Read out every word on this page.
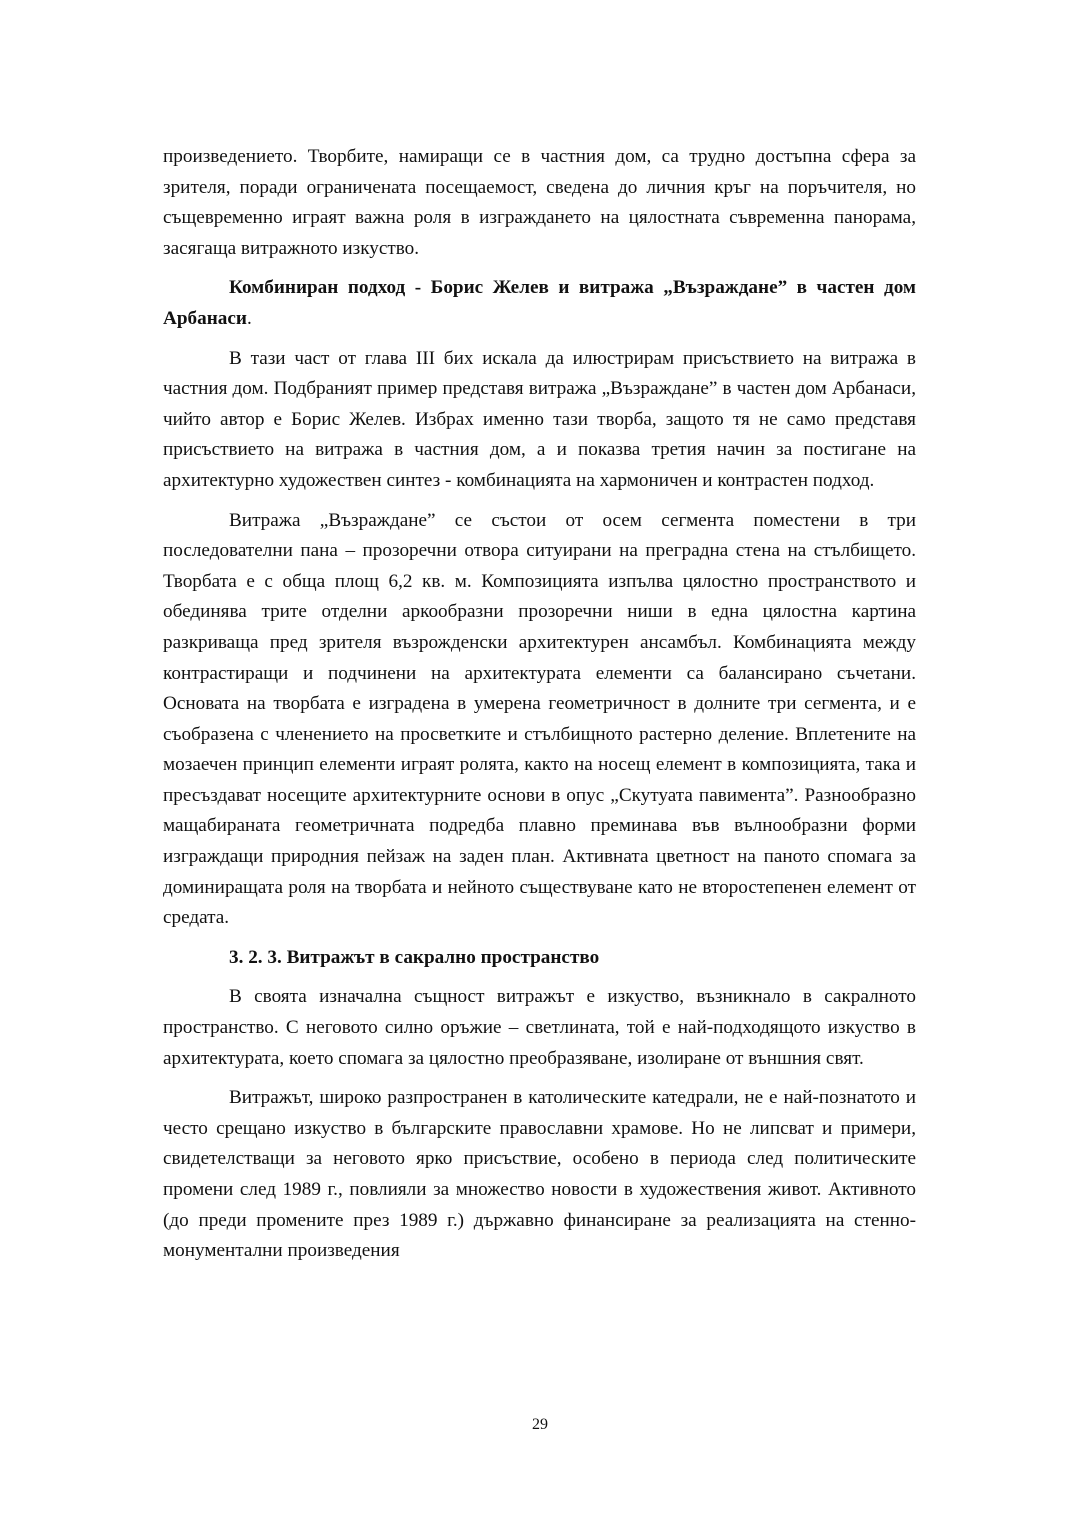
произведението. Творбите, намиращи се в частния дом, са трудно достъпна сфера за зрителя, поради ограничената посещаемост, сведена до личния кръг на поръчителя, но същевременно играят важна роля в изграждането на цялостната съвременна панорама, засягаща витражното изкуство.

Комбиниран подход - Борис Желев и витража „Възраждане” в частен дом Арбанаси.

В тази част от глава III бих искала да илюстрирам присъствието на витража в частния дом. Подбраният пример представя витража „Възраждане” в частен дом Арбанаси, чийто автор е Борис Желев. Избрах именно тази творба, защото тя не само представя присъствието на витража в частния дом, а и показва третия начин за постигане на архитектурно художествен синтез - комбинацията на хармоничен и контрастен подход.

Витража „Възраждане” се състои от осем сегмента поместени в три последователни пана – прозоречни отвора ситуирани на преградна стена на стълбището. Творбата е с обща площ 6,2 кв. м. Композицията изпълва цялостно пространството и обединява трите отделни аркообразни прозоречни ниши в една цялостна картина разкриваща пред зрителя възрожденски архитектурен ансамбъл. Комбинацията между контрастиращи и подчинени на архитектурата елементи са балансирано съчетани. Основата на творбата е изградена в умерена геометричност в долните три сегмента, и е съобразена с членението на просветките и стълбищното растерно деление. Вплетените на мозаечен принцип елементи играят ролята, както на носещ елемент в композицията, така и пресъздават носещите архитектурните основи в опус „Скутуата павимента”. Разнообразно мащабираната геометричната подредба плавно преминава във вълнообразни форми изграждащи природния пейзаж на заден план. Активната цветност на паното спомага за доминиращата роля на творбата и нейното съществуване като не второстепенен елемент от средата.

3. 2. 3. Витражът в сакрално пространство

В своята изначална същност витражът е изкуство, възникнало в сакралното пространство. С неговото силно оръжие – светлината, той е най-подходящото изкуство в архитектурата, което спомага за цялостно преобразяване, изолиране от външния свят.

Витражът, широко разпространен в католическите катедрали, не е най-познатото и често срещано изкуство в българските православни храмове. Но не липсват и примери, свидетелстващи за неговото ярко присъствие, особено в периода след политическите промени след 1989 г., повлияли за множество новости в художествения живот. Активното (до преди промените през 1989 г.) държавно финансиране за реализацията на стенно-монументални произведения

29
